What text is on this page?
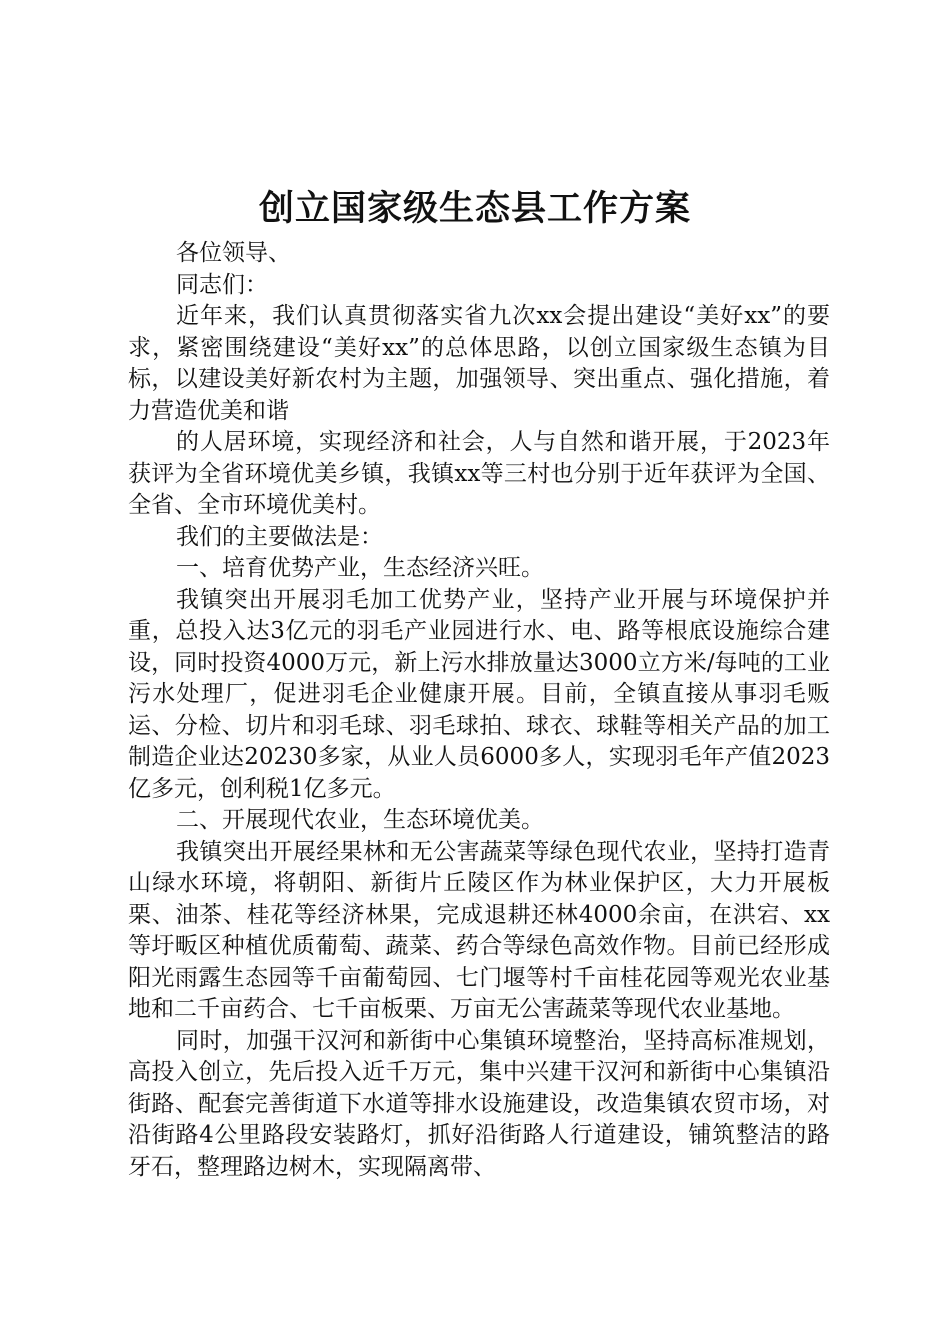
创立国家级生态县工作方案

各位领导、

同志们：

近年来，我们认真贯彻落实省九次xx会提出建设“美好xx”的要求，紧密围绕建设“美好xx”的总体思路，以创立国家级生态镇为目标，以建设美好新农村为主题，加强领导、突出重点、强化措施，着力营造优美和谐

的人居环境，实现经济和社会，人与自然和谐开展，于2023年获评为全省环境优美乡镇，我镇xx等三村也分别于近年获评为全国、全省、全市环境优美村。

我们的主要做法是：

一、培育优势产业，生态经济兴旺。

我镇突出开展羽毛加工优势产业，坚持产业开展与环境保护并重，总投入达3亿元的羽毛产业园进行水、电、路等根底设施综合建设，同时投资4000万元，新上污水排放量达3000立方米/每吨的工业污水处理厂，促进羽毛企业健康开展。目前，全镇直接从事羽毛贩运、分检、切片和羽毛球、羽毛球拍、球衣、球鞋等相关产品的加工制造企业达20230多家，从业人员6000多人，实现羽毛年产值2023亿多元，创利税1亿多元。

二、开展现代农业，生态环境优美。

我镇突出开展经果林和无公害蔬菜等绿色现代农业，坚持打造青山绿水环境，将朝阳、新街片丘陵区作为林业保护区，大力开展板栗、油茶、桂花等经济林果，完成退耕还林4000余亩，在洪宕、xx等圩畈区种植优质葡萄、蔬菜、药合等绿色高效作物。目前已经形成阳光雨露生态园等千亩葡萄园、七门堰等村千亩桂花园等观光农业基地和二千亩药合、七千亩板栗、万亩无公害蔬菜等现代农业基地。

同时，加强干汉河和新街中心集镇环境整治，坚持高标准规划，高投入创立，先后投入近千万元，集中兴建干汉河和新街中心集镇沿街路、配套完善街道下水道等排水设施建设，改造集镇农贸市场，对沿街路4公里路段安装路灯，抓好沿街路人行道建设，铺筑整洁的路牙石，整理路边树木，实现隔离带、
